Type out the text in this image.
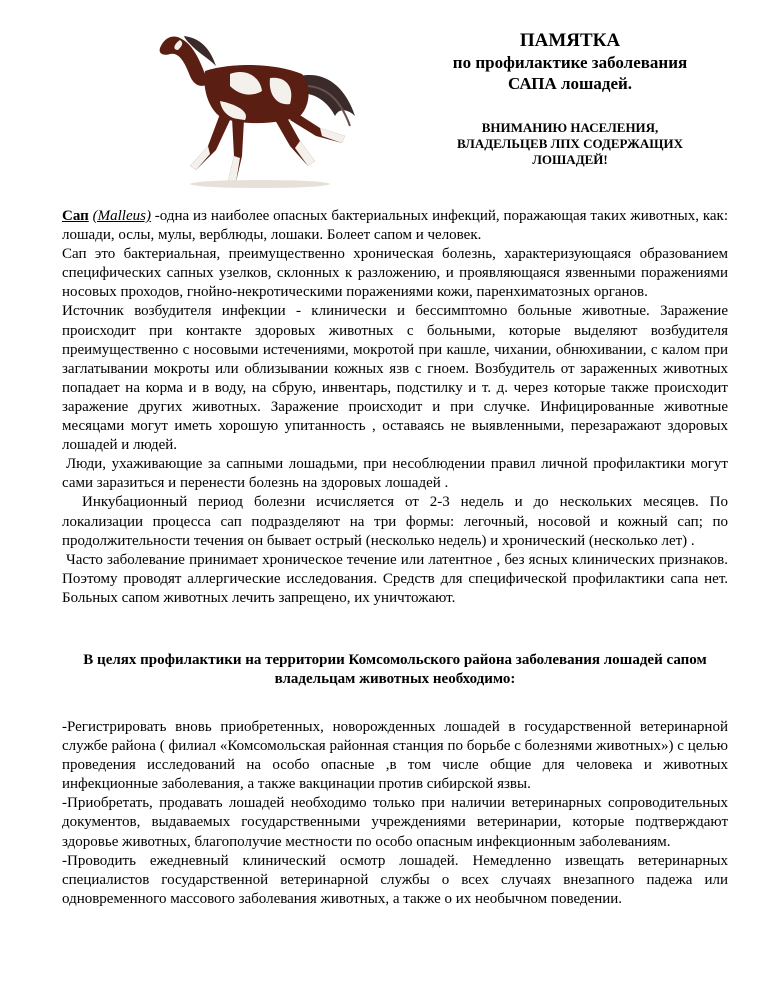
ПАМЯТКА
по профилактике заболевания
САПА лошадей.
ВНИМАНИЮ НАСЕЛЕНИЯ,
ВЛАДЕЛЬЦЕВ ЛПХ СОДЕРЖАЩИХ
ЛОШАДЕЙ!

Сап (Malleus) -одна из наиболее опасных бактериальных инфекций, поражающая таких животных, как: лошади, ослы, мулы, верблюды, лошаки. Болеет сапом и человек.

Сап это бактериальная, преимущественно хроническая болезнь, характеризующаяся образованием специфических сапных узелков, склонных к разложению, и проявляющаяся язвенными поражениями носовых проходов, гнойно-некротическими поражениями кожи, паренхиматозных органов.

Источник возбудителя инфекции - клинически и бессимптомно больные животные. Заражение происходит при контакте здоровых животных с больными, которые выделяют возбудителя преимущественно с носовыми истечениями, мокротой при кашле, чихании, обнюхивании, с калом при заглатывании мокроты или облизывании кожных язв с гноем. Возбудитель от зараженных животных попадает на корма и в воду, на сбрую, инвентарь, подстилку и т. д. через которые также происходит заражение других животных. Заражение происходит и при случке. Инфицированные животные месяцами могут иметь хорошую упитанность , оставаясь не выявленными, перезаражают здоровых лошадей и людей.

Люди, ухаживающие за сапными лошадьми, при несоблюдении правил личной профилактики могут сами заразиться и перенести болезнь на здоровых лошадей .

Инкубационный период болезни исчисляется от 2-3 недель и до нескольких месяцев. По локализации процесса сап подразделяют на три формы: легочный, носовой и кожный сап; по продолжительности течения он бывает острый (несколько недель) и хронический (несколько лет) .

Часто заболевание принимает хроническое течение или латентное , без ясных клинических признаков. Поэтому проводят аллергические исследования. Средств для специфической профилактики сапа нет. Больных сапом животных лечить запрещено, их уничтожают.

В целях профилактики на территории Комсомольского района заболевания лошадей сапом
владельцам животных необходимо:

-Регистрировать вновь приобретенных, новорожденных лошадей в государственной ветеринарной службе района ( филиал «Комсомольская районная станция по борьбе с болезнями животных») с целью проведения исследований на особо опасные ,в том числе общие для человека и животных инфекционные заболевания, а также вакцинации против сибирской язвы.

-Приобретать, продавать лошадей необходимо только при наличии ветеринарных сопроводительных документов, выдаваемых государственными учреждениями ветеринарии, которые подтверждают здоровье животных, благополучие местности по особо опасным инфекционным заболеваниям.

-Проводить ежедневный клинический осмотр лошадей. Немедленно извещать ветеринарных специалистов государственной ветеринарной службы о всех случаях внезапного падежа или одновременного массового заболевания животных, а также о их необычном поведении.
